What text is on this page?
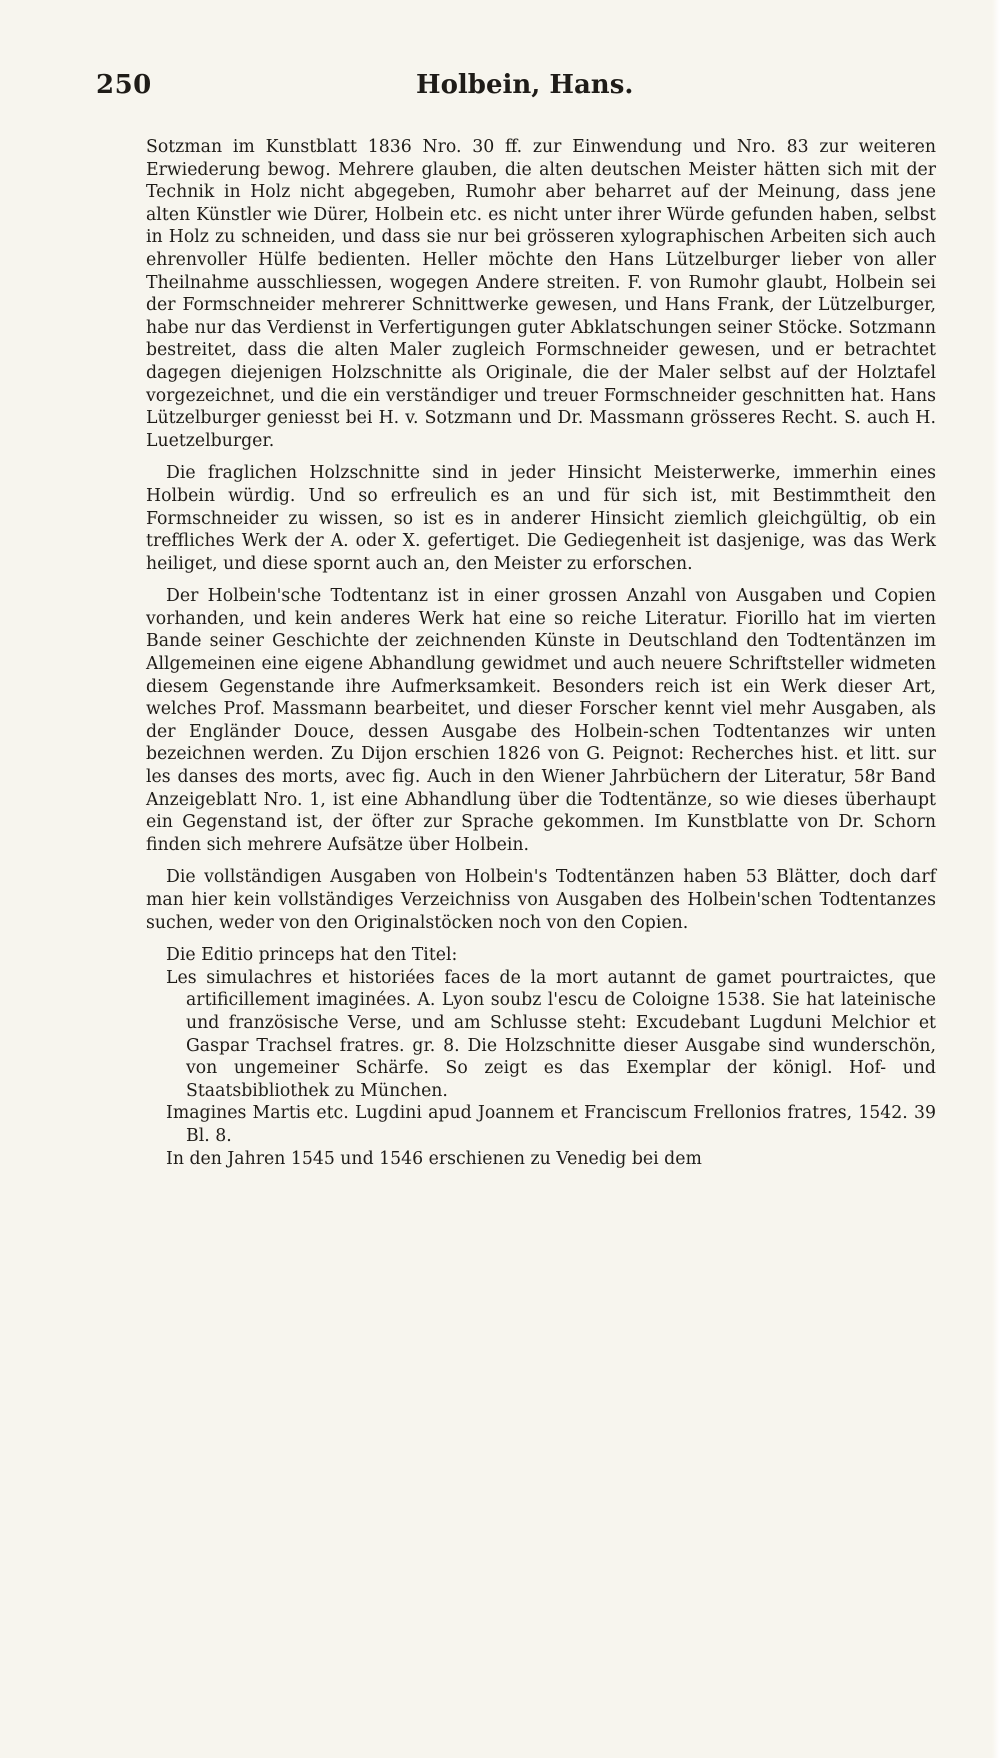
250	Holbein, Hans.

Sotzman im Kunstblatt 1836 Nro. 30 ff. zur Einwendung und Nro. 83 zur weiteren Erwiederung bewog. Mehrere glauben, die alten deutschen Meister hätten sich mit der Technik in Holz nicht abgegeben, Rumohr aber beharret auf der Meinung, dass jene alten Künstler wie Dürer, Holbein etc. es nicht unter ihrer Würde gefunden haben, selbst in Holz zu schneiden, und dass sie nur bei grösseren xylographischen Arbeiten sich auch ehrenvoller Hülfe bedienten. Heller möchte den Hans Lützelburger lieber von aller Theilnahme ausschliessen, wogegen Andere streiten. F. von Rumohr glaubt, Holbein sei der Formschneider mehrerer Schnittwerke gewesen, und Hans Frank, der Lützelburger, habe nur das Verdienst in Verfertigungen guter Abklatschungen seiner Stöcke. Sotzmann bestreitet, dass die alten Maler zugleich Formschneider gewesen, und er betrachtet dagegen diejenigen Holzschnitte als Originale, die der Maler selbst auf der Holztafel vorgezeichnet, und die ein verständiger und treuer Formschneider geschnitten hat. Hans Lützelburger geniesst bei H. v. Sotzmann und Dr. Massmann grösseres Recht. S. auch H. Luetzelburger.

Die fraglichen Holzschnitte sind in jeder Hinsicht Meisterwerke, immerhin eines Holbein würdig. Und so erfreulich es an und für sich ist, mit Bestimmtheit den Formschneider zu wissen, so ist es in anderer Hinsicht ziemlich gleichgültig, ob ein treffliches Werk der A. oder X. gefertiget. Die Gediegenheit ist dasjenige, was das Werk heiliget, und diese spornt auch an, den Meister zu erforschen.

Der Holbein'sche Todtentanz ist in einer grossen Anzahl von Ausgaben und Copien vorhanden, und kein anderes Werk hat eine so reiche Literatur. Fiorillo hat im vierten Bande seiner Geschichte der zeichnenden Künste in Deutschland den Todtentänzen im Allgemeinen eine eigene Abhandlung gewidmet und auch neuere Schriftsteller widmeten diesem Gegenstande ihre Aufmerksamkeit. Besonders reich ist ein Werk dieser Art, welches Prof. Massmann bearbeitet, und dieser Forscher kennt viel mehr Ausgaben, als der Engländer Douce, dessen Ausgabe des Holbein-schen Todtentanzes wir unten bezeichnen werden. Zu Dijon erschien 1826 von G. Peignot: Recherches hist. et litt. sur les danses des morts, avec fig. Auch in den Wiener Jahrbüchern der Literatur, 58r Band Anzeigeblatt Nro. 1, ist eine Abhandlung über die Todtentänze, so wie dieses überhaupt ein Gegenstand ist, der öfter zur Sprache gekommen. Im Kunstblatte von Dr. Schorn finden sich mehrere Aufsätze über Holbein.

Die vollständigen Ausgaben von Holbein's Todtentänzen haben 53 Blätter, doch darf man hier kein vollständiges Verzeichniss von Ausgaben des Holbein'schen Todtentanzes suchen, weder von den Originalstöcken noch von den Copien.

Die Editio princeps hat den Titel:

Les simulachres et historiées faces de la mort autannt de gamet pourtraictes, que artificillement imaginées. A. Lyon soubz l'escu de Coloigne 1538. Sie hat lateinische und französische Verse, und am Schlusse steht: Excudebant Lugduni Melchior et Gaspar Trachsel fratres. gr. 8. Die Holzschnitte dieser Ausgabe sind wunderschön, von ungemeiner Schärfe. So zeigt es das Exemplar der königl. Hof- und Staatsbibliothek zu München.

Imagines Martis etc. Lugdini apud Joannem et Franciscum Frellonios fratres, 1542. 39 Bl. 8.

In den Jahren 1545 und 1546 erschienen zu Venedig bei dem
